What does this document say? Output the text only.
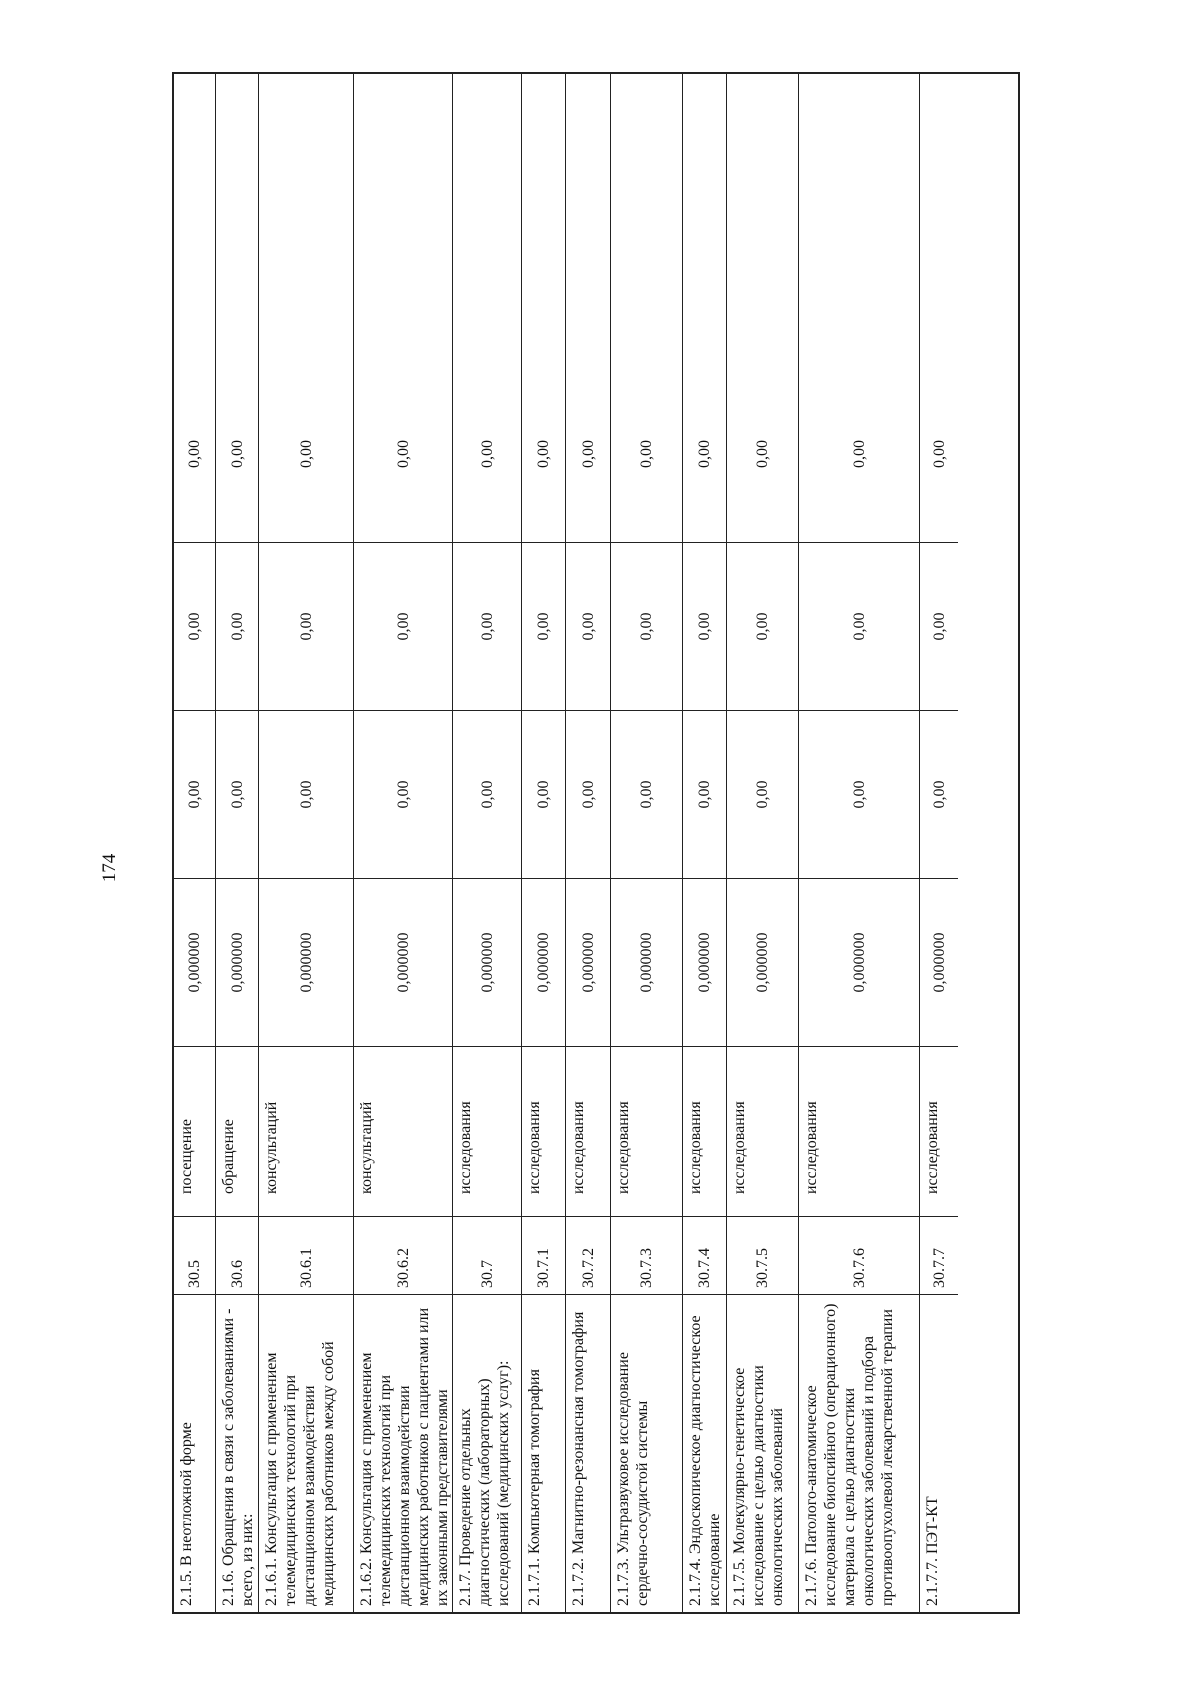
174
2.1.5. В неотложной форме
30.5
посещение
0,000000
0,00
0,00
0,00
2.1.6. Обращения в связи с заболеваниями - всего, из них:
30.6
обращение
0,000000
0,00
0,00
0,00
2.1.6.1. Консультация с применением телемедицинских технологий при дистанционном взаимодействии медицинских работников между собой
30.6.1
консультаций
0,000000
0,00
0,00
0,00
2.1.6.2. Консультация с применением телемедицинских технологий при дистанционном взаимодействии медицинских работников с пациентами или их законными представителями
30.6.2
консультаций
0,000000
0,00
0,00
0,00
2.1.7. Проведение отдельных диагностических (лабораторных) исследований (медицинских услуг):
30.7
исследования
0,000000
0,00
0,00
0,00
2.1.7.1. Компьютерная томография
30.7.1
исследования
0,000000
0,00
0,00
0,00
2.1.7.2. Магнитно-резонансная томография
30.7.2
исследования
0,000000
0,00
0,00
0,00
2.1.7.3. Ультразвуковое исследование сердечно-сосудистой системы
30.7.3
исследования
0,000000
0,00
0,00
0,00
2.1.7.4. Эндоскопическое диагностическое исследование
30.7.4
исследования
0,000000
0,00
0,00
0,00
2.1.7.5. Молекулярно-генетическое исследование с целью диагностики онкологических заболеваний
30.7.5
исследования
0,000000
0,00
0,00
0,00
2.1.7.6. Патолого-анатомическое исследование биопсийного (операционного) материала с целью диагностики онкологических заболеваний и подбора противоопухолевой лекарственной терапии
30.7.6
исследования
0,000000
0,00
0,00
0,00
2.1.7.7. ПЭТ-КТ
30.7.7
исследования
0,000000
0,00
0,00
0,00
